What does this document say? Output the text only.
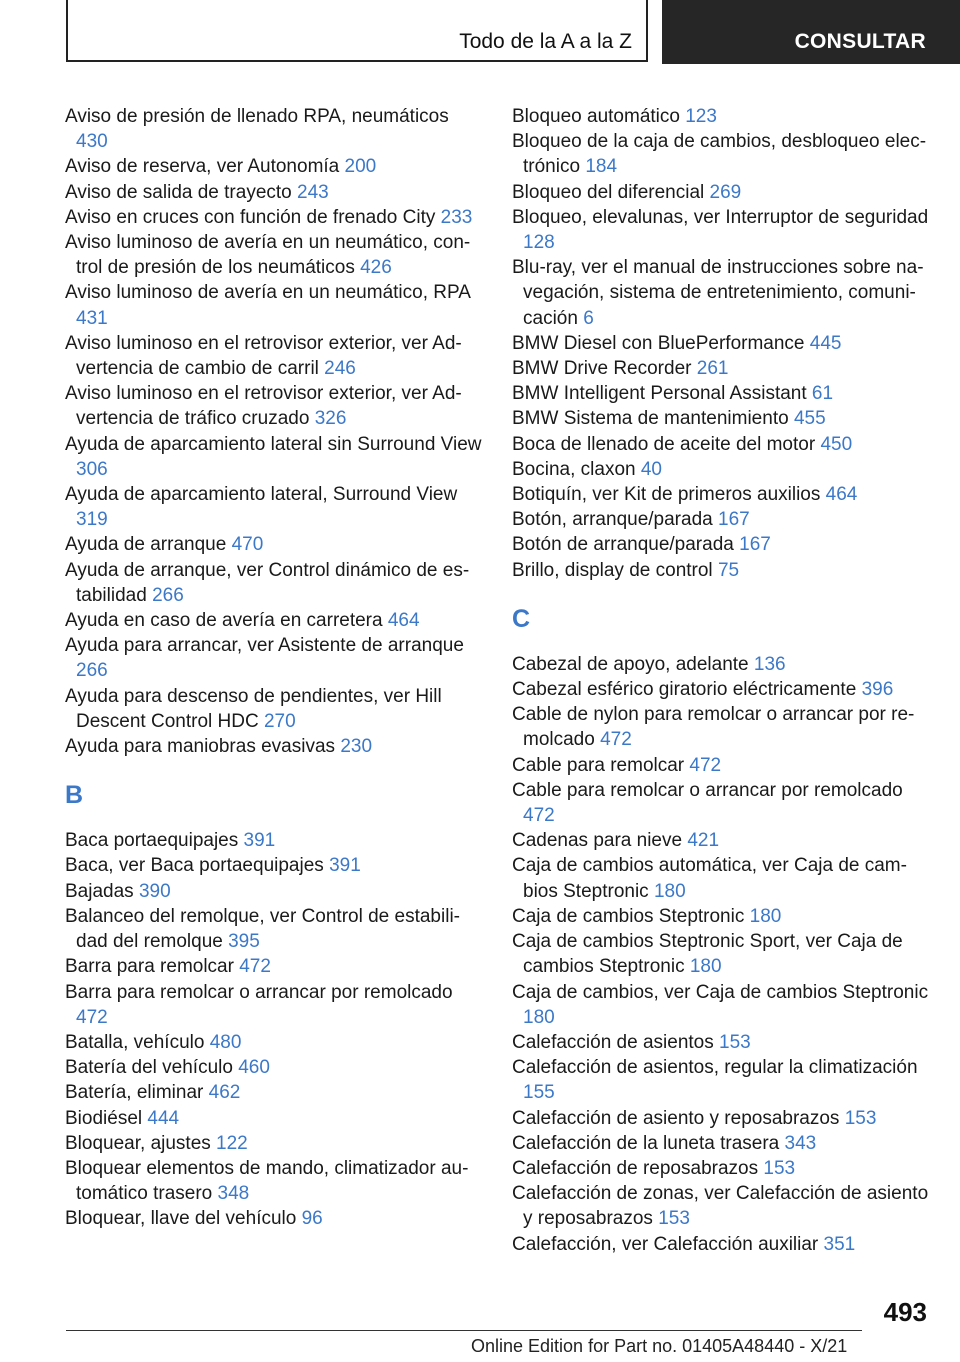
Todo de la A a la Z	CONSULTAR
Aviso de presión de llenado RPA, neumáticos 430
Aviso de reserva, ver Autonomía 200
Aviso de salida de trayecto 243
Aviso en cruces con función de frenado City 233
Aviso luminoso de avería en un neumático, control de presión de los neumáticos 426
Aviso luminoso de avería en un neumático, RPA 431
Aviso luminoso en el retrovisor exterior, ver Advertencia de cambio de carril 246
Aviso luminoso en el retrovisor exterior, ver Advertencia de tráfico cruzado 326
Ayuda de aparcamiento lateral sin Surround View 306
Ayuda de aparcamiento lateral, Surround View 319
Ayuda de arranque 470
Ayuda de arranque, ver Control dinámico de estabilidad 266
Ayuda en caso de avería en carretera 464
Ayuda para arrancar, ver Asistente de arranque 266
Ayuda para descenso de pendientes, ver Hill Descent Control HDC 270
Ayuda para maniobras evasivas 230
B
Baca portaequipajes 391
Baca, ver Baca portaequipajes 391
Bajadas 390
Balanceo del remolque, ver Control de estabilidad del remolque 395
Barra para remolcar 472
Barra para remolcar o arrancar por remolcado 472
Batalla, vehículo 480
Batería del vehículo 460
Batería, eliminar 462
Biodiésel 444
Bloquear, ajustes 122
Bloquear elementos de mando, climatizador automático trasero 348
Bloquear, llave del vehículo 96
Bloqueo automático 123
Bloqueo de la caja de cambios, desbloqueo electrónico 184
Bloqueo del diferencial 269
Bloqueo, elevalunas, ver Interruptor de seguridad 128
Blu-ray, ver el manual de instrucciones sobre navegación, sistema de entretenimiento, comunicación 6
BMW Diesel con BluePerformance 445
BMW Drive Recorder 261
BMW Intelligent Personal Assistant 61
BMW Sistema de mantenimiento 455
Boca de llenado de aceite del motor 450
Bocina, claxon 40
Botiquín, ver Kit de primeros auxilios 464
Botón, arranque/parada 167
Botón de arranque/parada 167
Brillo, display de control 75
C
Cabezal de apoyo, adelante 136
Cabezal esférico giratorio eléctricamente 396
Cable de nylon para remolcar o arrancar por remolcado 472
Cable para remolcar 472
Cable para remolcar o arrancar por remolcado 472
Cadenas para nieve 421
Caja de cambios automática, ver Caja de cambios Steptronic 180
Caja de cambios Steptronic 180
Caja de cambios Steptronic Sport, ver Caja de cambios Steptronic 180
Caja de cambios, ver Caja de cambios Steptronic 180
Calefacción de asientos 153
Calefacción de asientos, regular la climatización 155
Calefacción de asiento y reposabrazos 153
Calefacción de la luneta trasera 343
Calefacción de reposabrazos 153
Calefacción de zonas, ver Calefacción de asiento y reposabrazos 153
Calefacción, ver Calefacción auxiliar 351
493
Online Edition for Part no. 01405A48440 - X/21
